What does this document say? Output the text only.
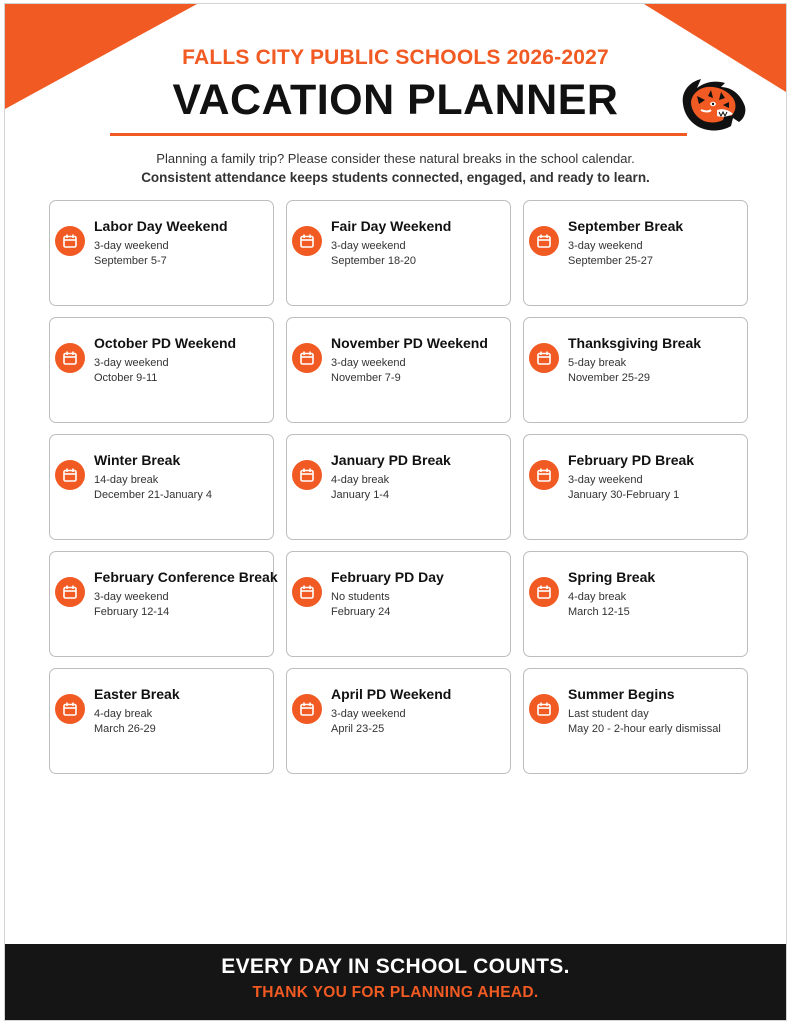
FALLS CITY PUBLIC SCHOOLS 2026-2027
VACATION PLANNER
Planning a family trip? Please consider these natural breaks in the school calendar.
Consistent attendance keeps students connected, engaged, and ready to learn.
Labor Day Weekend
3-day weekend
September 5-7
Fair Day Weekend
3-day weekend
September 18-20
September Break
3-day weekend
September 25-27
October PD Weekend
3-day weekend
October 9-11
November PD Weekend
3-day weekend
November 7-9
Thanksgiving Break
5-day break
November 25-29
Winter Break
14-day break
December 21-January 4
January PD Break
4-day break
January 1-4
February PD Break
3-day weekend
January 30-February 1
February Conference Break
3-day weekend
February 12-14
February PD Day
No students
February 24
Spring Break
4-day break
March 12-15
Easter Break
4-day break
March 26-29
April PD Weekend
3-day weekend
April 23-25
Summer Begins
Last student day
May 20 - 2-hour early dismissal
EVERY DAY IN SCHOOL COUNTS.
THANK YOU FOR PLANNING AHEAD.
